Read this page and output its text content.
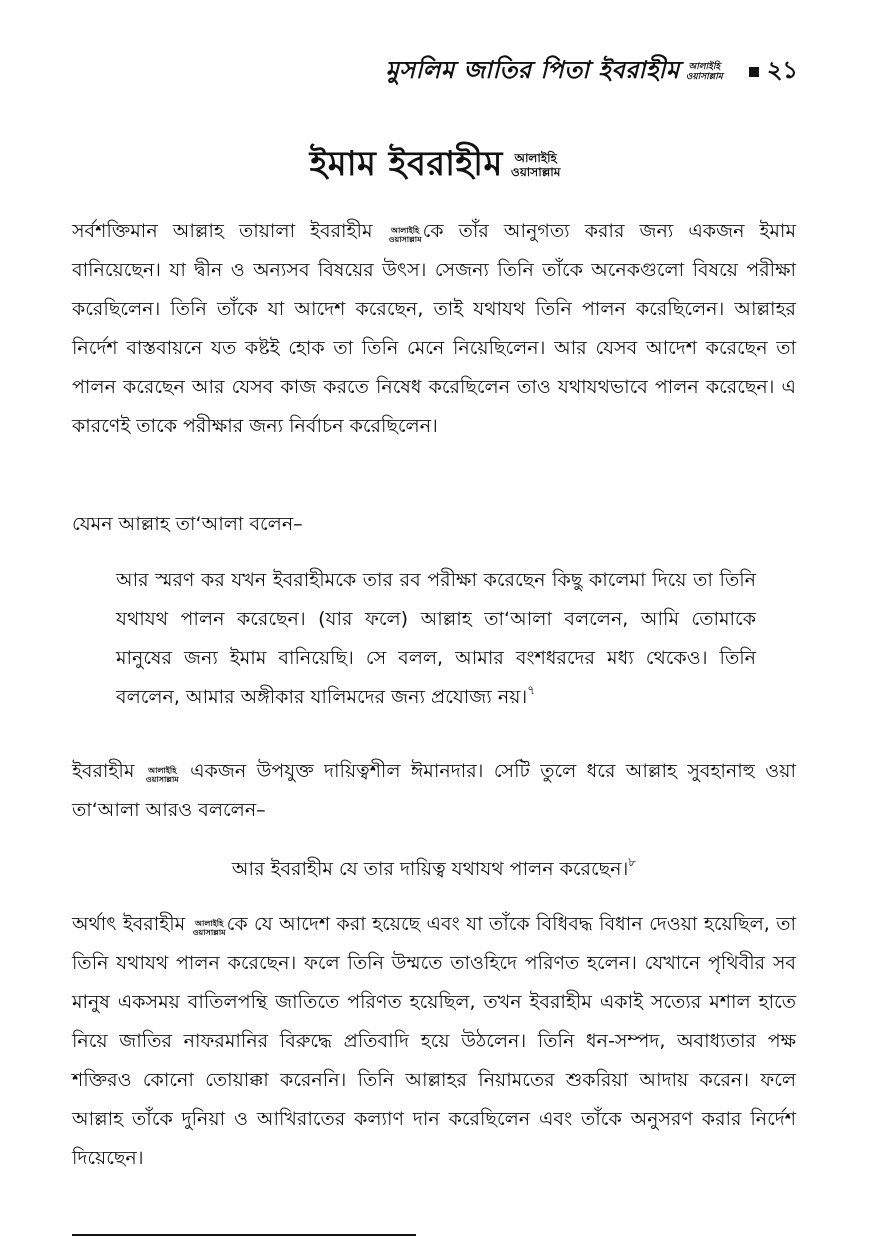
মুসলিম জাতির পিতা ইবরাহীম আলাইহি
ওয়াসাল্লাম ২১
ইমাম ইবরাহীম আলাইহি
ওয়াসাল্লাম
সর্বশক্তিমান আল্লাহ তায়ালা ইবরাহীম আলাইহি
ওয়াসাল্লাম কে তাঁর আনুগত্য করার জন্য একজন ইমাম বানিয়েছেন। যা দ্বীন ও অন্যসব বিষয়ের উৎস। সেজন্য তিনি তাঁকে অনেকগুলো বিষয়ে পরীক্ষা করেছিলেন। তিনি তাঁকে যা আদেশ করেছেন, তাই যথাযথ তিনি পালন করেছিলেন। আল্লাহর নির্দেশ বাস্তবায়নে যত কষ্টই হোক তা তিনি মেনে নিয়েছিলেন। আর যেসব আদেশ করেছেন তা পালন করেছেন আর যেসব কাজ করতে নিষেধ করেছিলেন তাও যথাযথভাবে পালন করেছেন। এ কারণেই তাকে পরীক্ষার জন্য নির্বাচন করেছিলেন।
যেমন আল্লাহ তা‘আলা বলেন–
আর স্মরণ কর যখন ইবরাহীমকে তার রব পরীক্ষা করেছেন কিছু কালেমা দিয়ে তা তিনি যথাযথ পালন করেছেন। (যার ফলে) আল্লাহ তা‘আলা বললেন, আমি তোমাকে মানুষের জন্য ইমাম বানিয়েছি। সে বলল, আমার বংশধরদের মধ্য থেকেও। তিনি বললেন, আমার অঙ্গীকার যালিমদের জন্য প্রযোজ্য নয়।$^৭$
ইবরাহীম আলাইহি
ওয়াসাল্লাম একজন উপযুক্ত দায়িত্বশীল ঈমানদার। সেটি তুলে ধরে আল্লাহ সুবহানাহু ওয়া তা‘আলা আরও বললেন–
আর ইবরাহীম যে তার দায়িত্ব যথাযথ পালন করেছেন।$^৮$
অর্থাৎ ইবরাহীম আলাইহি
ওয়াসাল্লাম কে যে আদেশ করা হয়েছে এবং যা তাঁকে বিধিবদ্ধ বিধান দেওয়া হয়েছিল, তা তিনি যথাযথ পালন করেছেন। ফলে তিনি উম্মতে তাওহিদে পরিণত হলেন। যেখানে পৃথিবীর সব মানুষ একসময় বাতিলপন্থি জাতিতে পরিণত হয়েছিল, তখন ইবরাহীম একাই সত্যের মশাল হাতে নিয়ে জাতির নাফরমানির বিরুদ্ধে প্রতিবাদি হয়ে উঠলেন। তিনি ধন-সম্পদ, অবাধ্যতার পক্ষ শক্তিরও কোনো তোয়াক্কা করেননি। তিনি আল্লাহর নিয়ামতের শুকরিয়া আদায় করেন। ফলে আল্লাহ তাঁকে দুনিয়া ও আখিরাতের কল্যাণ দান করেছিলেন এবং তাঁকে অনুসরণ করার নির্দেশ দিয়েছেন।
